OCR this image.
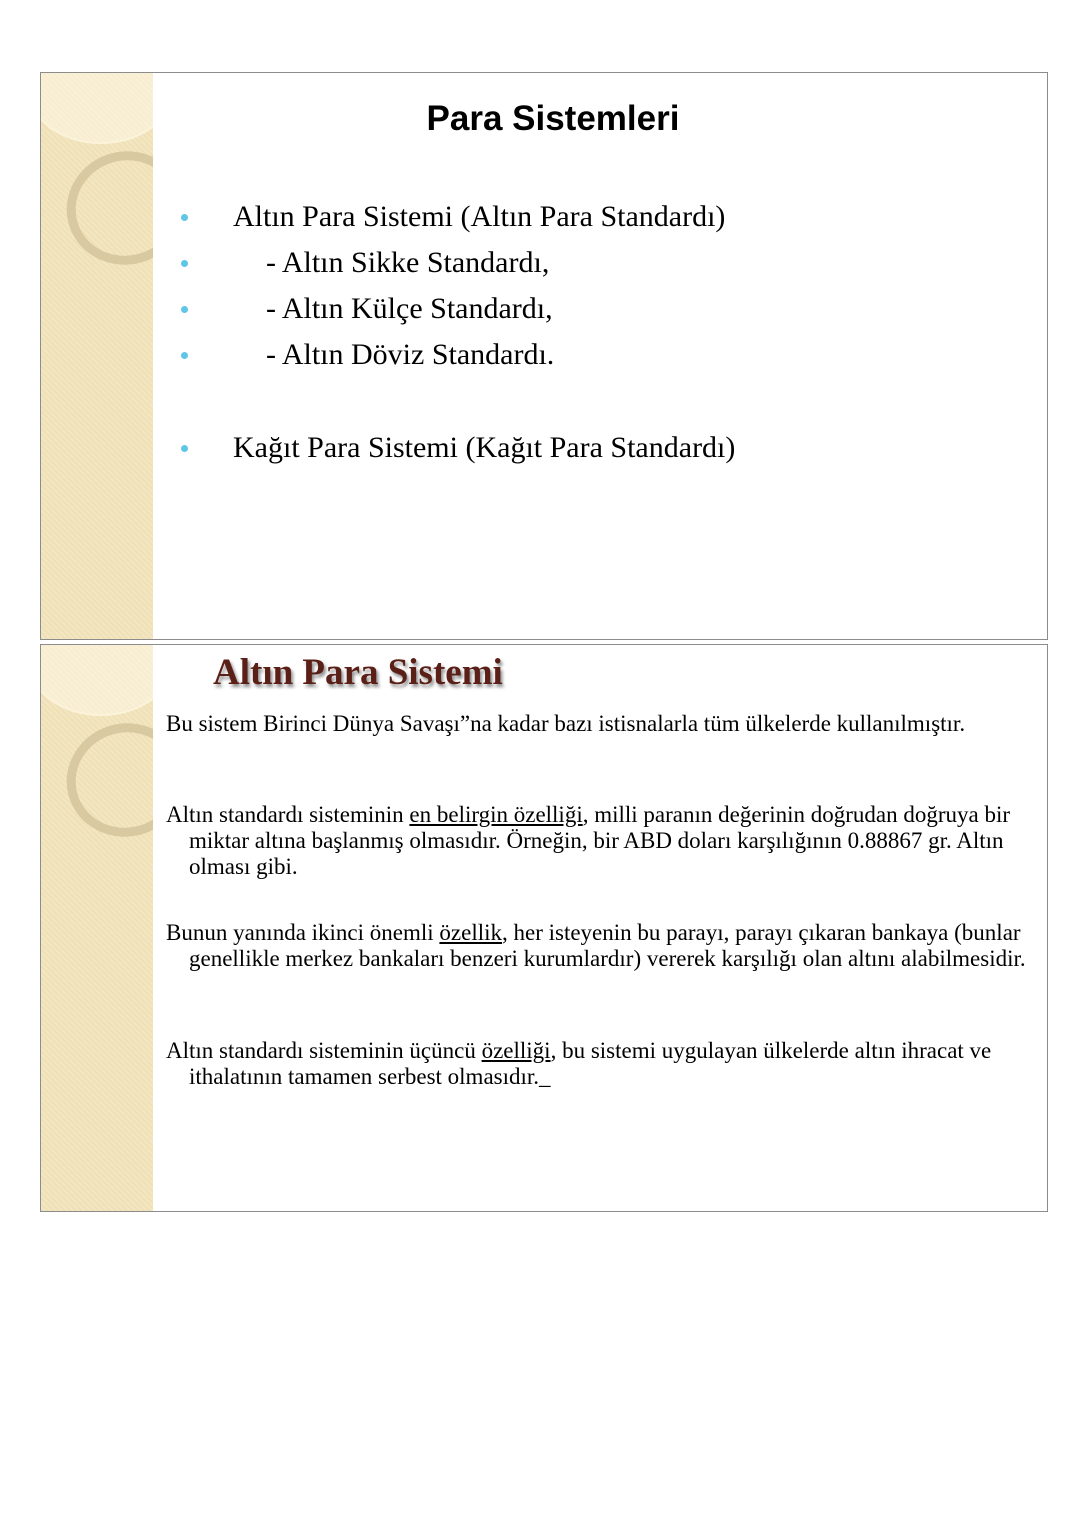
Para Sistemleri
Altın Para Sistemi (Altın Para Standardı)
- Altın Sikke Standardı,
- Altın Külçe Standardı,
- Altın Döviz Standardı.
Kağıt Para Sistemi (Kağıt Para Standardı)
Altın Para Sistemi
Bu sistem Birinci Dünya Savaşı”na kadar bazı istisnalarla tüm ülkelerde kullanılmıştır.
Altın standardı sisteminin en belirgin özelliği, milli paranın değerinin doğrudan doğruya bir miktar altına başlanmış olmasıdır. Örneğin, bir ABD doları karşılığının 0.88867 gr. Altın olması gibi.
Bunun yanında ikinci önemli özellik, her isteyenin bu parayı, parayı çıkaran bankaya (bunlar genellikle merkez bankaları benzeri kurumlardır) vererek karşılığı olan altını alabilmesidir.
Altın standardı sisteminin üçüncü özelliği, bu sistemi uygulayan ülkelerde altın ihracat ve ithalatının tamamen serbest olmasıdır._
